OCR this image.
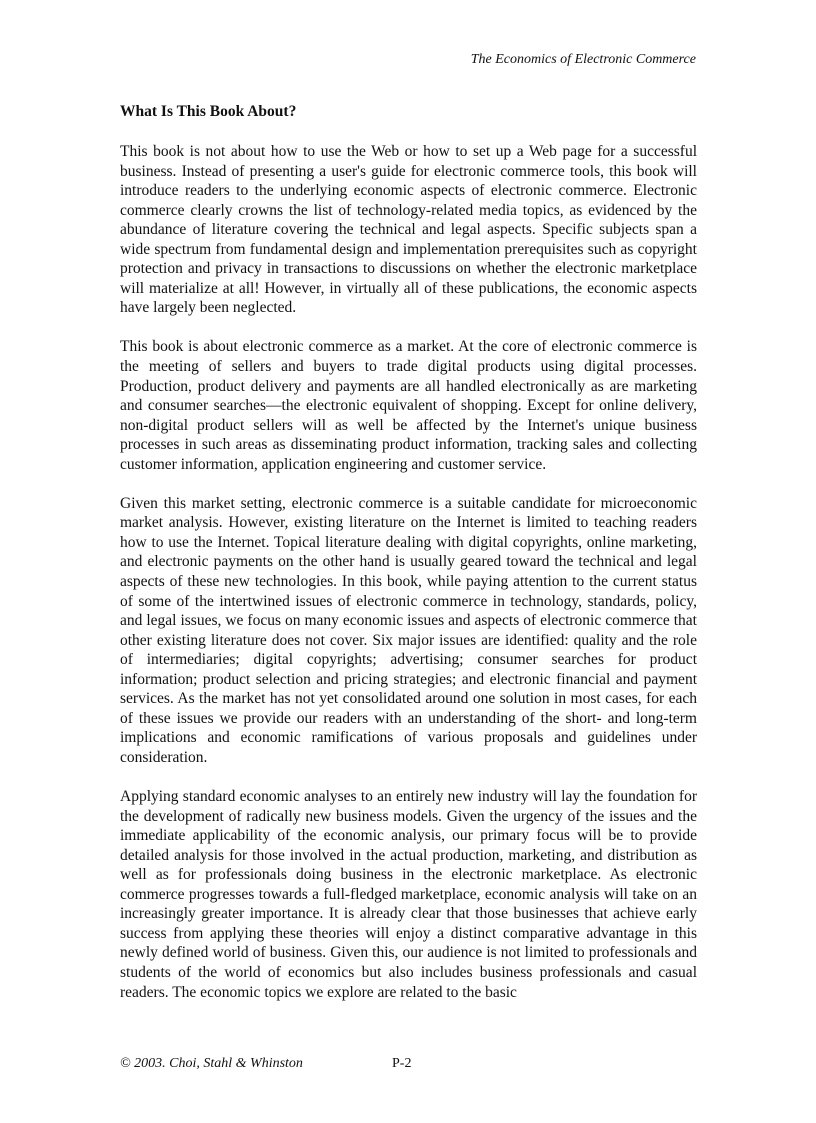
The Economics of Electronic Commerce
What Is This Book About?

This book is not about how to use the Web or how to set up a Web page for a successful business. Instead of presenting a user's guide for electronic commerce tools, this book will introduce readers to the underlying economic aspects of electronic commerce. Electronic commerce clearly crowns the list of technology-related media topics, as evidenced by the abundance of literature covering the technical and legal aspects. Specific subjects span a wide spectrum from fundamental design and implementation prerequisites such as copyright protection and privacy in transactions to discussions on whether the electronic marketplace will materialize at all! However, in virtually all of these publications, the economic aspects have largely been neglected.

This book is about electronic commerce as a market. At the core of electronic commerce is the meeting of sellers and buyers to trade digital products using digital processes. Production, product delivery and payments are all handled electronically as are marketing and consumer searches—the electronic equivalent of shopping. Except for online delivery, non-digital product sellers will as well be affected by the Internet's unique business processes in such areas as disseminating product information, tracking sales and collecting customer information, application engineering and customer service.

Given this market setting, electronic commerce is a suitable candidate for microeconomic market analysis. However, existing literature on the Internet is limited to teaching readers how to use the Internet. Topical literature dealing with digital copyrights, online marketing, and electronic payments on the other hand is usually geared toward the technical and legal aspects of these new technologies. In this book, while paying attention to the current status of some of the intertwined issues of electronic commerce in technology, standards, policy, and legal issues, we focus on many economic issues and aspects of electronic commerce that other existing literature does not cover. Six major issues are identified: quality and the role of intermediaries; digital copyrights; advertising; consumer searches for product information; product selection and pricing strategies; and electronic financial and payment services. As the market has not yet consolidated around one solution in most cases, for each of these issues we provide our readers with an understanding of the short- and long-term implications and economic ramifications of various proposals and guidelines under consideration.

Applying standard economic analyses to an entirely new industry will lay the foundation for the development of radically new business models. Given the urgency of the issues and the immediate applicability of the economic analysis, our primary focus will be to provide detailed analysis for those involved in the actual production, marketing, and distribution as well as for professionals doing business in the electronic marketplace. As electronic commerce progresses towards a full-fledged marketplace, economic analysis will take on an increasingly greater importance. It is already clear that those businesses that achieve early success from applying these theories will enjoy a distinct comparative advantage in this newly defined world of business. Given this, our audience is not limited to professionals and students of the world of economics but also includes business professionals and casual readers. The economic topics we explore are related to the basic

© 2003. Choi, Stahl & Whinston	P-2
